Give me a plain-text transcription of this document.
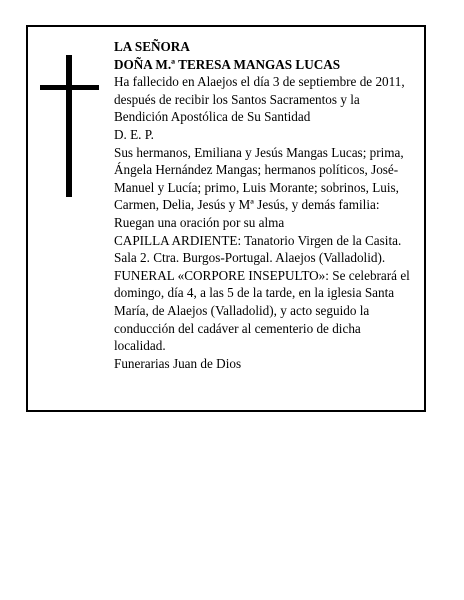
LA SEÑORA
DOÑA M.ª TERESA MANGAS LUCAS
Ha fallecido en Alaejos el día 3 de septiembre de 2011,
después de recibir los Santos Sacramentos y la
Bendición Apostólica de Su Santidad
D. E. P.
Sus hermanos, Emiliana y Jesús Mangas Lucas; prima,
Ángela Hernández Mangas; hermanos políticos, José-
Manuel y Lucía; primo, Luis Morante; sobrinos, Luis,
Carmen, Delia, Jesús y Mª Jesús, y demás familia:
Ruegan una oración por su alma
CAPILLA ARDIENTE: Tanatorio Virgen de la Casita.
Sala 2. Ctra. Burgos-Portugal. Alaejos (Valladolid).
FUNERAL «CORPORE INSEPULTO»: Se celebrará el
domingo, día 4, a las 5 de la tarde, en la iglesia Santa
María, de Alaejos (Valladolid), y acto seguido la
conducción del cadáver al cementerio de dicha
localidad.
Funerarias Juan de Dios
